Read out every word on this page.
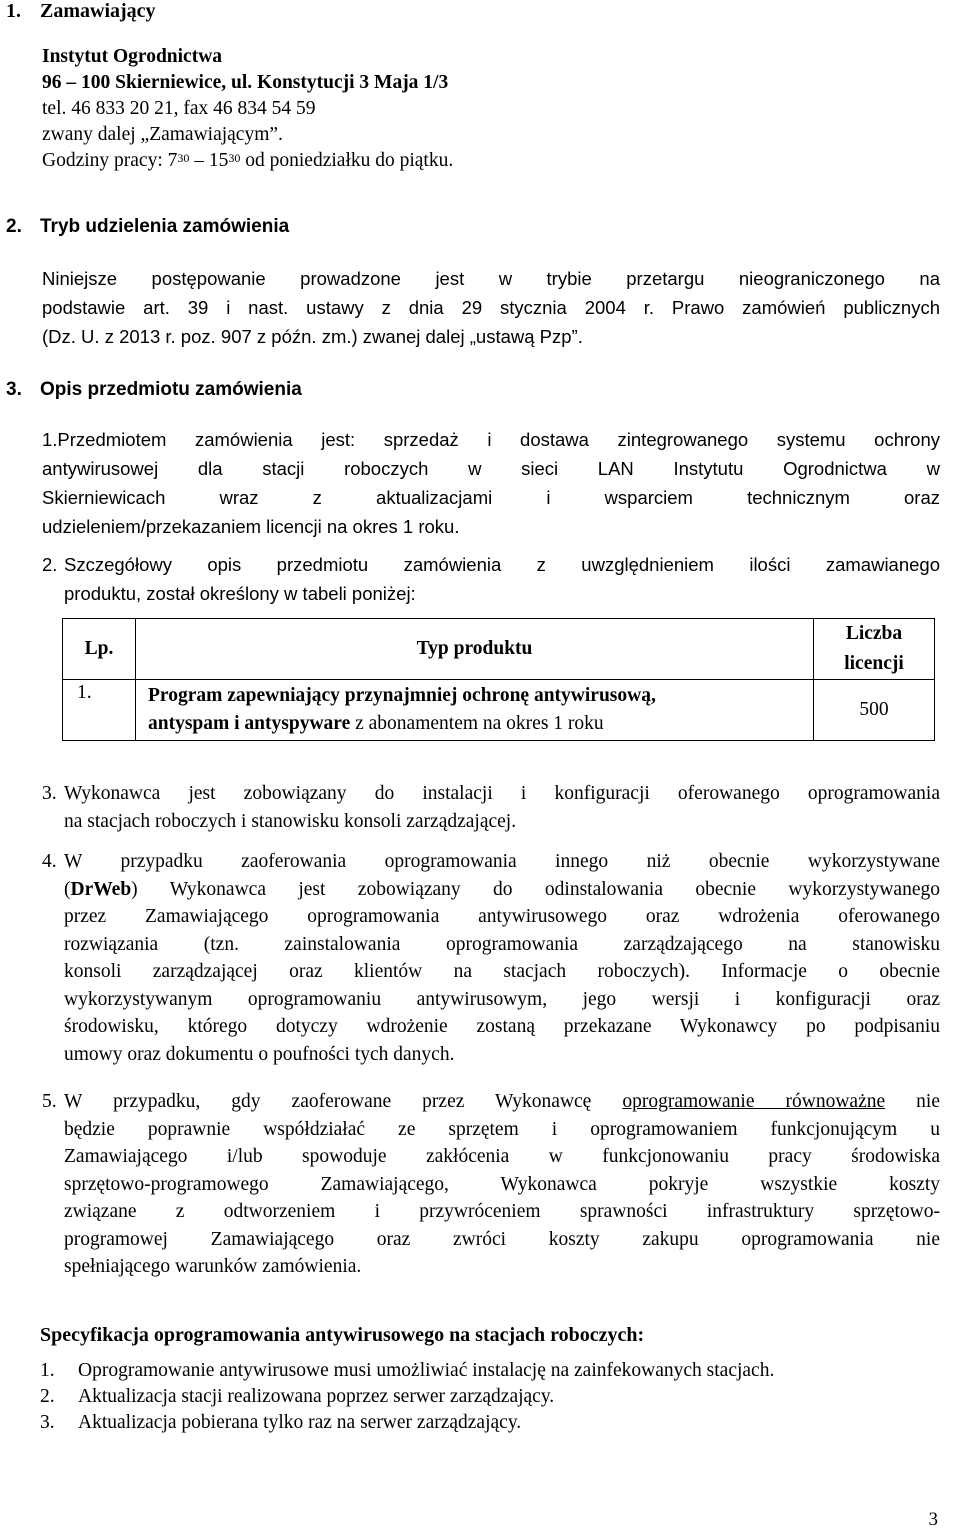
1. Zamawiający
Instytut Ogrodnictwa
96 – 100 Skierniewice, ul. Konstytucji 3 Maja 1/3
tel. 46 833 20 21, fax 46 834 54 59
zwany dalej „Zamawiającym”.
Godziny pracy: $7^{30} - 15^{30}$ od poniedziałku do piątku.
2. Tryb udzielenia zamówienia
Niniejsze postępowanie prowadzone jest w trybie przetargu nieograniczonego na
podstawie art. 39 i nast. ustawy z dnia 29 stycznia 2004 r. Prawo zamówień publicznych
(Dz. U. z 2013 r. poz. 907 z późn. zm.) zwanej dalej „ustawą Pzp”.
3. Opis przedmiotu zamówienia
1.Przedmiotem zamówienia jest: sprzedaż i dostawa zintegrowanego systemu ochrony
antywirusowej dla stacji roboczych w sieci LAN Instytutu Ogrodnictwa w
Skierniewicach wraz z aktualizacjami i wsparciem technicznym oraz
udzieleniem/przekazaniem licencji na okres 1 roku.
2. Szczegółowy opis przedmiotu zamówienia z uwzględnieniem ilości zamawianego
produktu, został określony w tabeli poniżej:
Lp.	Typ produktu	Liczba
licencji

1.	Program zapewniający przynajmniej ochronę antywirusową,
antyspam i antyspyware z abonamentem na okres 1 roku	500
3. Wykonawca jest zobowiązany do instalacji i konfiguracji oferowanego oprogramowania
na stacjach roboczych i stanowisku konsoli zarządzającej.
4. W przypadku zaoferowania oprogramowania innego niż obecnie wykorzystywane
(DrWeb) Wykonawca jest zobowiązany do odinstalowania obecnie wykorzystywanego
przez Zamawiającego oprogramowania antywirusowego oraz wdrożenia oferowanego
rozwiązania (tzn. zainstalowania oprogramowania zarządzającego na stanowisku
konsoli zarządzającej oraz klientów na stacjach roboczych). Informacje o obecnie
wykorzystywanym oprogramowaniu antywirusowym, jego wersji i konfiguracji oraz
środowisku, którego dotyczy wdrożenie zostaną przekazane Wykonawcy po podpisaniu
umowy oraz dokumentu o poufności tych danych.
5. W przypadku, gdy zaoferowane przez Wykonawcę oprogramowanie równoważne nie
będzie poprawnie współdziałać ze sprzętem i oprogramowaniem funkcjonującym u
Zamawiającego i/lub spowoduje zakłócenia w funkcjonowaniu pracy środowiska
sprzętowo-programowego Zamawiającego, Wykonawca pokryje wszystkie koszty
związane z odtworzeniem i przywróceniem sprawności infrastruktury sprzętowo-
programowej Zamawiającego oraz zwróci koszty zakupu oprogramowania nie
spełniającego warunków zamówienia.
Specyfikacja oprogramowania antywirusowego na stacjach roboczych:
1. Oprogramowanie antywirusowe musi umożliwiać instalację na zainfekowanych stacjach.
2. Aktualizacja stacji realizowana poprzez serwer zarządzający.
3. Aktualizacja pobierana tylko raz na serwer zarządzający.
3
